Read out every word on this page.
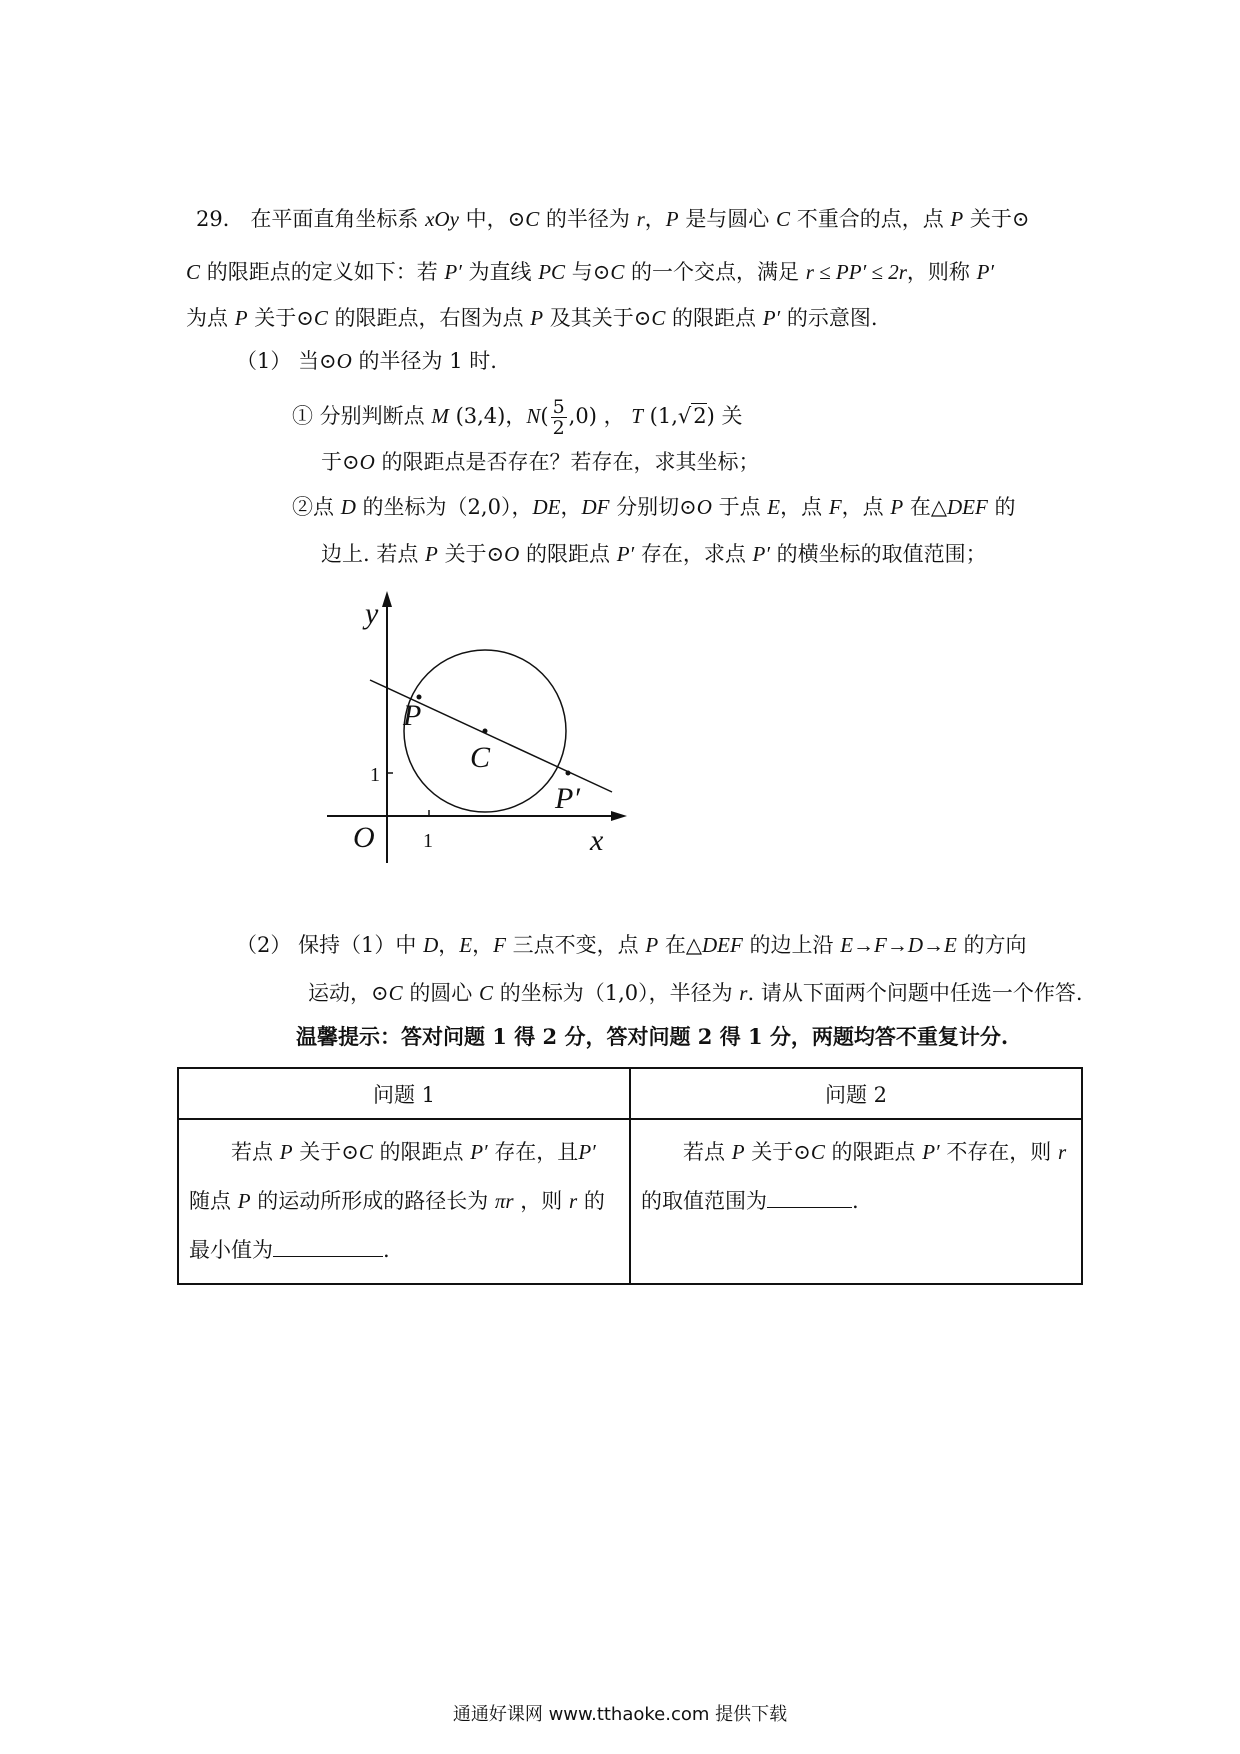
29． 在平面直角坐标系 xOy 中，⊙C 的半径为 r，P 是与圆心 C 不重合的点，点 P 关于⊙
C 的限距点的定义如下：若 P′ 为直线 PC 与⊙C 的一个交点，满足 r ≤ PP′ ≤ 2r，则称 P′
为点 P 关于⊙C 的限距点，右图为点 P 及其关于⊙C 的限距点 P′ 的示意图.
（1） 当⊙O 的半径为 1 时.
① 分别判断点 M (3,4)，$N( \frac{5}{2} ,0)$ ， T (1,√2) 关
于⊙O 的限距点是否存在？若存在，求其坐标；
②点 D 的坐标为（2,0），DE，DF 分别切⊙O 于点 E，点 F，点 P 在△DEF 的
边上. 若点 P 关于⊙O 的限距点 P′ 存在，求点 P′ 的横坐标的取值范围；
y
x
O 1
1
P
C
P′
（2） 保持（1）中 D，E，F 三点不变，点 P 在△DEF 的边上沿 E→F→D→E 的方向
运动，⊙C 的圆心 C 的坐标为（1,0），半径为 r. 请从下面两个问题中任选一个作答.
温馨提示：答对问题 1 得 2 分，答对问题 2 得 1 分，两题均答不重复计分.
问题 1	问题 2
若点 P 关于⊙C 的限距点 P′ 存在，且P′ 随点 P 的运动所形成的路径长为 πr ，则 r 的最小值为 .	若点 P 关于⊙C 的限距点 P′ 不存在，则 r 的取值范围为 .
通通好课网 www.tthaoke.com 提供下载
